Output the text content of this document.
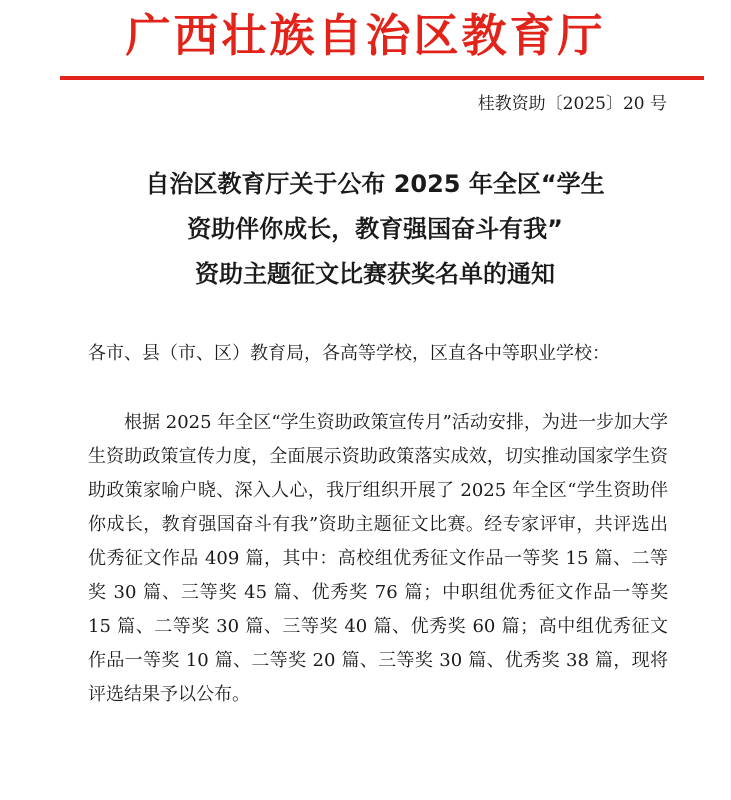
广西壮族自治区教育厅
桂教资助〔2025〕20 号
自治区教育厅关于公布 2025 年全区“学生
资助伴你成长，教育强国奋斗有我”
资助主题征文比赛获奖名单的通知
各市、县（市、区）教育局，各高等学校，区直各中等职业学校：
根据 2025 年全区“学生资助政策宣传月”活动安排，为进一步加大学生资助政策宣传力度，全面展示资助政策落实成效，切实推动国家学生资助政策家喻户晓、深入人心，我厅组织开展了 2025 年全区“学生资助伴你成长，教育强国奋斗有我”资助主题征文比赛。经专家评审，共评选出优秀征文作品 409 篇，其中：高校组优秀征文作品一等奖 15 篇、二等奖 30 篇、三等奖 45 篇、优秀奖 76 篇；中职组优秀征文作品一等奖 15 篇、二等奖 30 篇、三等奖 40 篇、优秀奖 60 篇；高中组优秀征文作品一等奖 10 篇、二等奖 20 篇、三等奖 30 篇、优秀奖 38 篇，现将评选结果予以公布。
